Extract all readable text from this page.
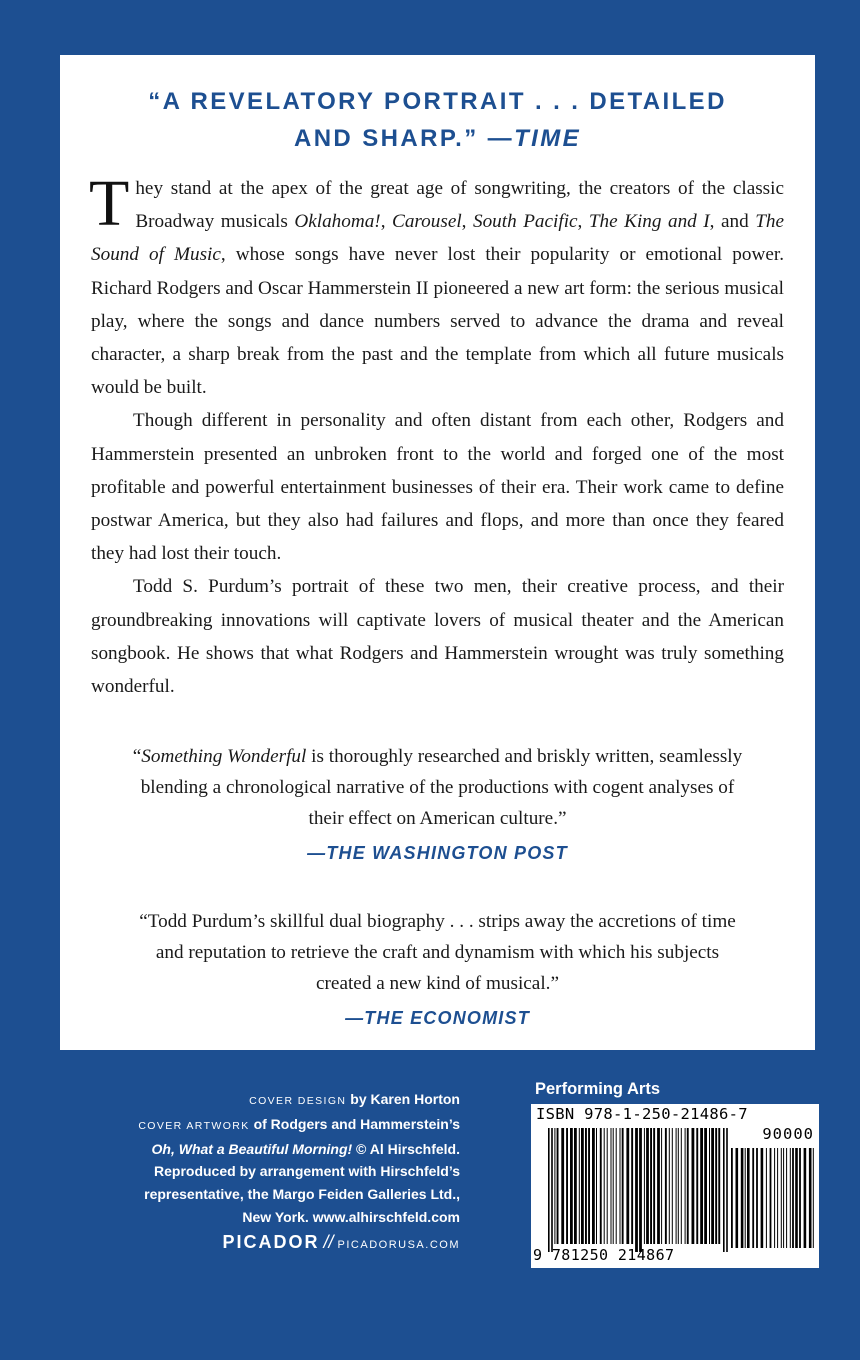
“A REVELATORY PORTRAIT . . . DETAILED
AND SHARP.” —TIME

They stand at the apex of the great age of songwriting, the creators of the classic Broadway musicals Oklahoma!, Carousel, South Pacific, The King and I, and The Sound of Music, whose songs have never lost their popularity or emotional power. Richard Rodgers and Oscar Hammerstein II pioneered a new art form: the serious musical play, where the songs and dance numbers served to advance the drama and reveal character, a sharp break from the past and the template from which all future musicals would be built.

Though different in personality and often distant from each other, Rodgers and Hammerstein presented an unbroken front to the world and forged one of the most profitable and powerful entertainment businesses of their era. Their work came to define postwar America, but they also had failures and flops, and more than once they feared they had lost their touch.

Todd S. Purdum’s portrait of these two men, their creative process, and their groundbreaking innovations will captivate lovers of musical theater and the American songbook. He shows that what Rodgers and Hammerstein wrought was truly something wonderful.

“Something Wonderful is thoroughly researched and briskly written, seamlessly
blending a chronological narrative of the productions with cogent analyses of
their effect on American culture.”
—THE WASHINGTON POST
“Todd Purdum’s skillful dual biography . . . strips away the accretions of time
and reputation to retrieve the craft and dynamism with which his subjects
created a new kind of musical.”
—THE ECONOMIST
COVER DESIGN by Karen Horton
COVER ARTWORK of Rodgers and Hammerstein’s
Oh, What a Beautiful Morning! © Al Hirschfeld.
Reproduced by arrangement with Hirschfeld’s
representative, the Margo Feiden Galleries Ltd.,
New York. www.alhirschfeld.com
PICADOR // PICADORUSA.COM
Performing Arts
ISBN 978-1-250-21486-7
90000
9 781250 214867
